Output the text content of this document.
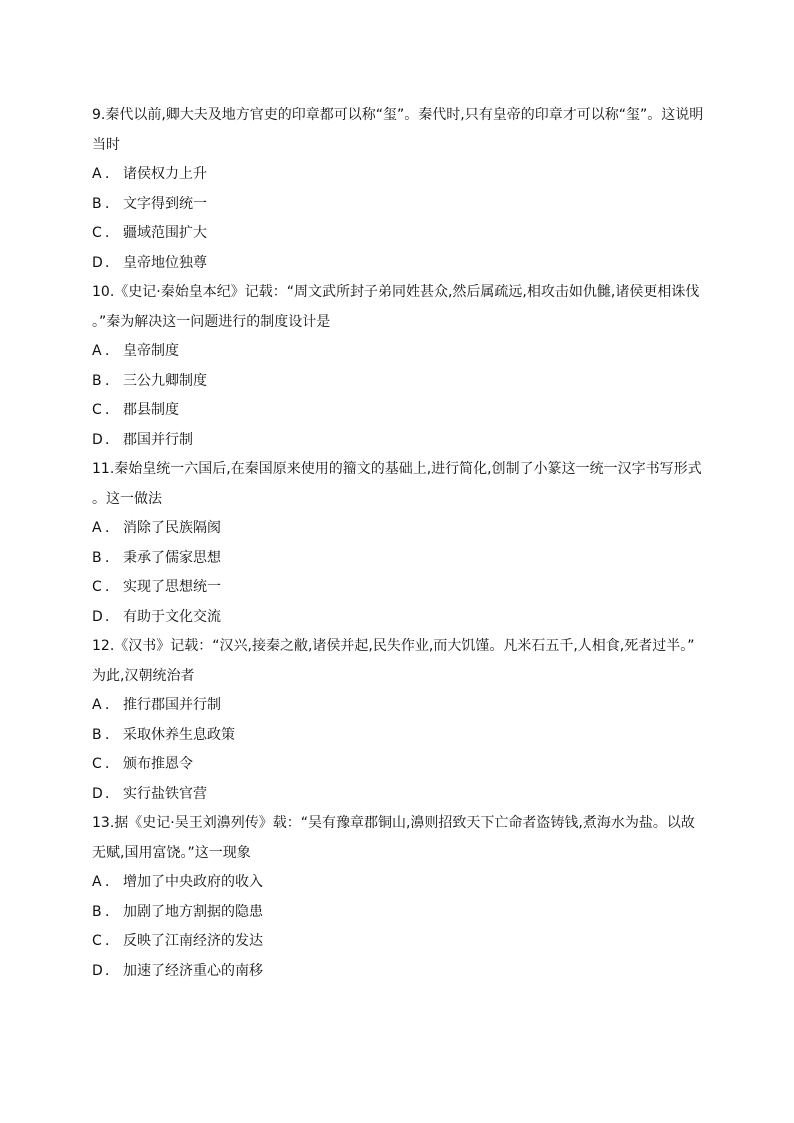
9.秦代以前,卿大夫及地方官吏的印章都可以称“玺”。秦代时,只有皇帝的印章才可以称“玺”。这说明
当时
A ． 诸侯权力上升
B ． 文字得到统一
C ． 疆域范围扩大
D ． 皇帝地位独尊
10.《史记·秦始皇本纪》记载：“周文武所封子弟同姓甚众,然后属疏远,相攻击如仇雠,诸侯更相诛伐
。”秦为解决这一问题进行的制度设计是
A ． 皇帝制度
B ． 三公九卿制度
C ． 郡县制度
D ． 郡国并行制
11.秦始皇统一六国后,在秦国原来使用的籀文的基础上,进行简化,创制了小篆这一统一汉字书写形式
。这一做法
A ． 消除了民族隔阂
B ． 秉承了儒家思想
C ． 实现了思想统一
D ． 有助于文化交流
12.《汉书》记载：“汉兴,接秦之敝,诸侯并起,民失作业,而大饥馑。凡米石五千,人相食,死者过半。”
为此,汉朝统治者
A ． 推行郡国并行制
B ． 采取休养生息政策
C ． 颁布推恩令
D ． 实行盐铁官营
13.据《史记·吴王刘濞列传》载：“吴有豫章郡铜山,濞则招致天下亡命者盗铸钱,煮海水为盐。以故
无赋,国用富饶。”这一现象
A ． 增加了中央政府的收入
B ． 加剧了地方割据的隐患
C ． 反映了江南经济的发达
D ． 加速了经济重心的南移
